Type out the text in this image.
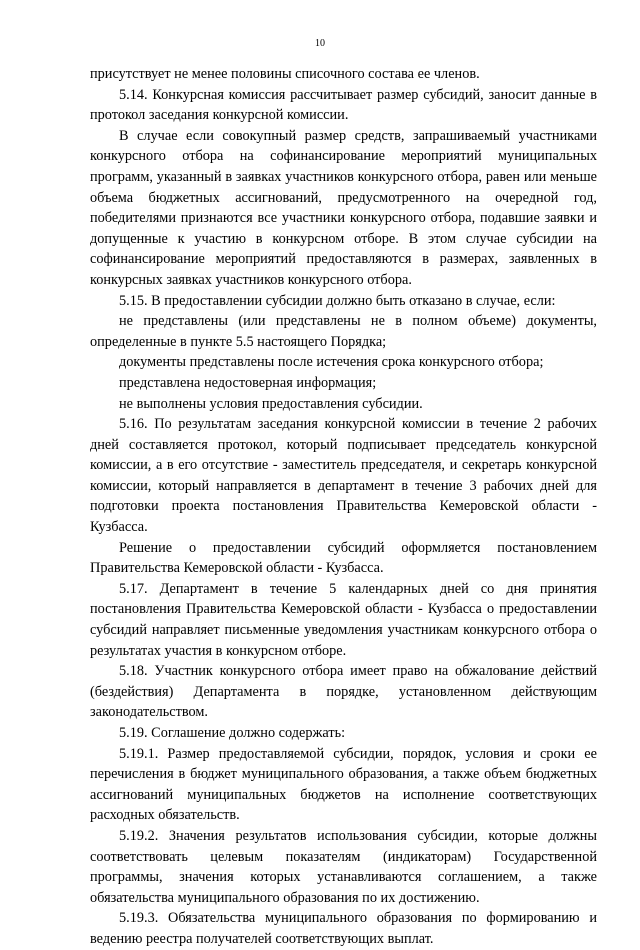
10

присутствует не менее половины списочного состава ее членов.

5.14. Конкурсная комиссия рассчитывает размер субсидий, заносит данные в протокол заседания конкурсной комиссии.

В случае если совокупный размер средств, запрашиваемый участниками конкурсного отбора на софинансирование мероприятий муниципальных программ, указанный в заявках участников конкурсного отбора, равен или меньше объема бюджетных ассигнований, предусмотренного на очередной год, победителями признаются все участники конкурсного отбора, подавшие заявки и допущенные к участию в конкурсном отборе. В этом случае субсидии на софинансирование мероприятий предоставляются в размерах, заявленных в конкурсных заявках участников конкурсного отбора.

5.15. В предоставлении субсидии должно быть отказано в случае, если:

не представлены (или представлены не в полном объеме) документы, определенные в пункте 5.5 настоящего Порядка;

документы представлены после истечения срока конкурсного отбора;

представлена недостоверная информация;

не выполнены условия предоставления субсидии.

5.16. По результатам заседания конкурсной комиссии в течение 2 рабочих дней составляется протокол, который подписывает председатель конкурсной комиссии, а в его отсутствие - заместитель председателя, и секретарь конкурсной комиссии, который направляется в департамент в течение 3 рабочих дней для подготовки проекта постановления Правительства Кемеровской области - Кузбасса.

Решение о предоставлении субсидий оформляется постановлением Правительства Кемеровской области - Кузбасса.

5.17. Департамент в течение 5 календарных дней со дня принятия постановления Правительства Кемеровской области - Кузбасса о предоставлении субсидий направляет письменные уведомления участникам конкурсного отбора о результатах участия в конкурсном отборе.

5.18. Участник конкурсного отбора имеет право на обжалование действий (бездействия) Департамента в порядке, установленном действующим законодательством.

5.19. Соглашение должно содержать:

5.19.1. Размер предоставляемой субсидии, порядок, условия и сроки ее перечисления в бюджет муниципального образования, а также объем бюджетных ассигнований муниципальных бюджетов на исполнение соответствующих расходных обязательств.

5.19.2. Значения результатов использования субсидии, которые должны соответствовать целевым показателям (индикаторам) Государственной программы, значения которых устанавливаются соглашением, а также обязательства муниципального образования по их достижению.

5.19.3. Обязательства муниципального образования по формированию и ведению реестра получателей соответствующих выплат.
